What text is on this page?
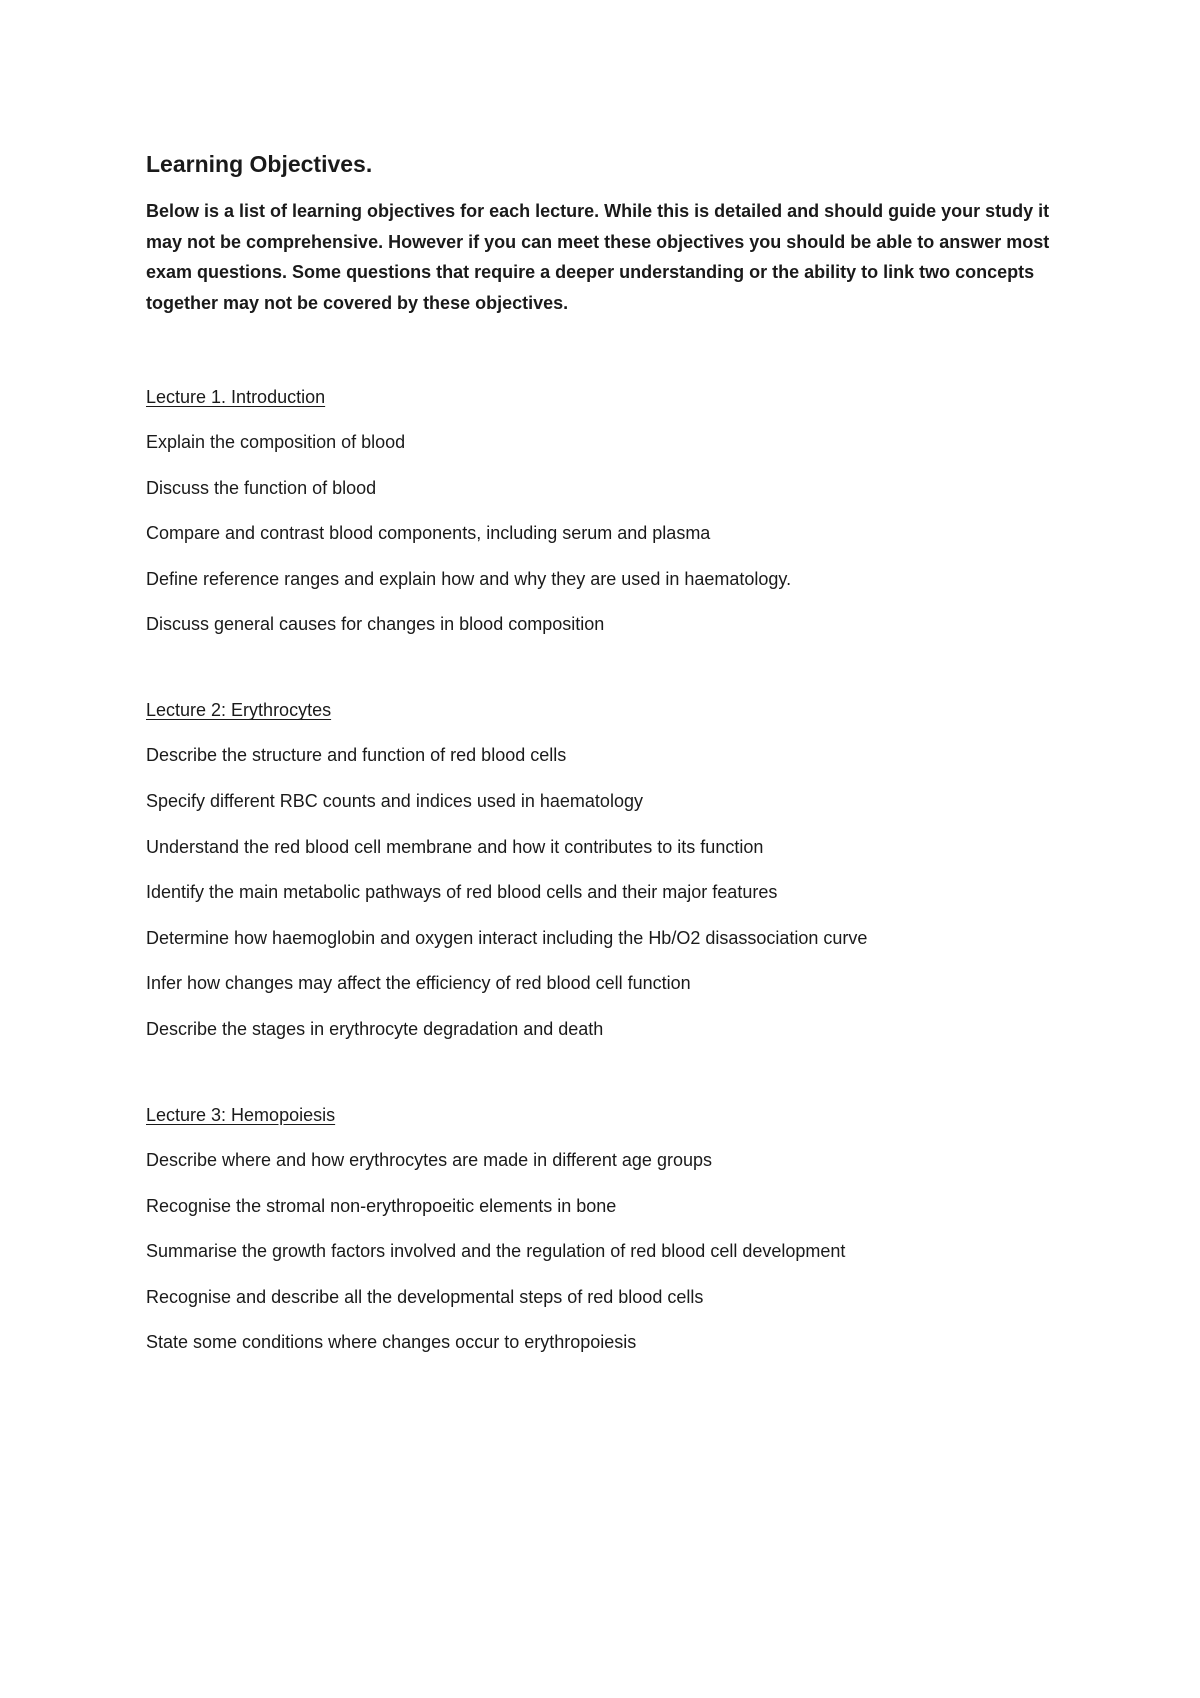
Learning Objectives.

Below is a list of learning objectives for each lecture. While this is detailed and should guide your study it may not be comprehensive. However if you can meet these objectives you should be able to answer most exam questions. Some questions that require a deeper understanding or the ability to link two concepts together may not be covered by these objectives.

Lecture 1. Introduction
Explain the composition of blood
Discuss the function of blood
Compare and contrast blood components, including serum and plasma
Define reference ranges and explain how and why they are used in haematology.
Discuss general causes for changes in blood composition
Lecture 2: Erythrocytes
Describe the structure and function of red blood cells
Specify different RBC counts and indices used in haematology
Understand the red blood cell membrane and how it contributes to its function
Identify the main metabolic pathways of red blood cells and their major features
Determine how haemoglobin and oxygen interact including the Hb/O2 disassociation curve
Infer how changes may affect the efficiency of red blood cell function
Describe the stages in erythrocyte degradation and death
Lecture 3: Hemopoiesis
Describe where and how erythrocytes are made in different age groups
Recognise the stromal non-erythropoeitic elements in bone
Summarise the growth factors involved and the regulation of red blood cell development
Recognise and describe all the developmental steps of red blood cells
State some conditions where changes occur to erythropoiesis
